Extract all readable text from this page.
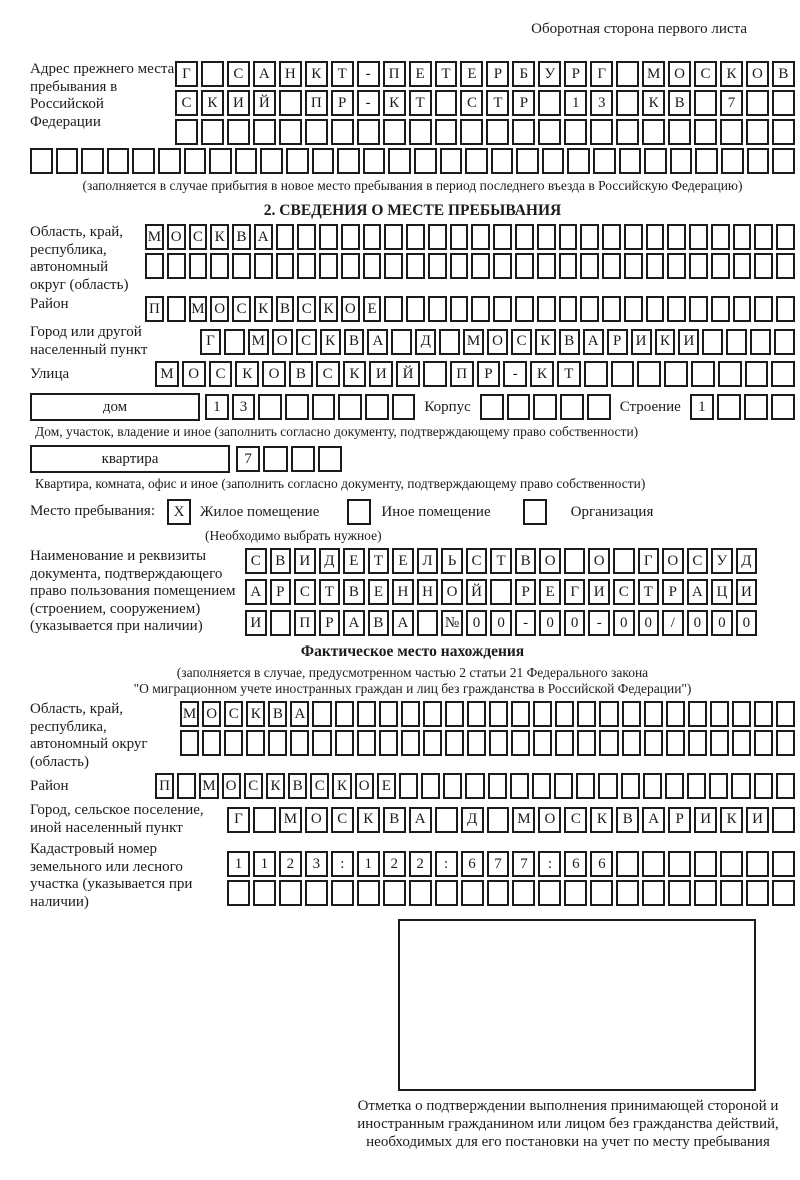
Оборотная сторона первого листа
Адрес прежнего места пребывания в Российской Федерации
Г	С	А	Н	К	Т	-	П	Е	Т	Е	Р	Б	У	Р	Г	М О	С	К	О	В
С	К	И	Й	П	Р	-	К	Т	С	Т	Р	1	3	К	В	7
(заполняется в случае прибытия в новое место пребывания в период последнего въезда в Российскую Федерацию)
2. СВЕДЕНИЯ О МЕСТЕ ПРЕБЫВАНИЯ
Область, край, республика, автономный округ (область)
М О С К В А
Район	П М О С К В С К О Е
Город или другой населенный пункт
Г	М О С К В А	Д	М О С К В А Р И К И
Улица	М О	С	К	О	В	С	К	И	Й	П	Р	-	К	Т
дом	1	3	Корпус	Строение	1
Дом, участок, владение и иное (заполнить согласно документу, подтверждающему право собственности)
квартира	7
Квартира, комната, офис и иное (заполнить согласно документу, подтверждающему право собственности)
Место пребывания:	X	Жилое помещение	Иное помещение	Организация
(Необходимо выбрать нужное)
Наименование и реквизиты документа, подтверждающего право пользования помещением (строением, сооружением) (указывается при наличии)
С В И Д Е	Т	Е Л	Ь	С Т В О	О	Г О С У Д
А Р	С Т В Е Н Н О Й	Р	Е	Г И С Т	Р А Ц И
И	П Р А В А	№ 0	0	-	0	0	-	0	0	/	0	0	0
Фактическое место нахождения
(заполняется в случае, предусмотренном частью 2 статьи 21 Федерального закона
"О миграционном учете иностранных граждан и лиц без гражданства в Российской Федерации")
Область, край, республика, автономный округ (область)
М О С К В А
Район	П М О С К В С К О Е
Город, сельское поселение, иной населенный пункт
Г	М О	С	К	В	А	Д	М О	С	К	В	А	Р	И	К	И
Кадастровый номер земельного или лесного участка (указывается при наличии)
1	1	2	3	:	1	2	2	:	6	7	7	:	6	6
Отметка о подтверждении выполнения принимающей стороной и иностранным гражданином или лицом без гражданства действий, необходимых для его постановки на учет по месту пребывания
